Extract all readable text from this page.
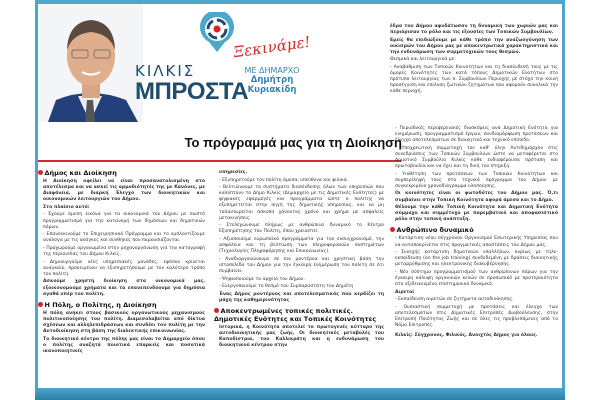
ΚΙΛΚΙΣ
ΜΠΡΟΣΤΑ
Ξεκινάμε!
ΜΕ ΔΗΜΑΡΧΟ
Δημήτρη Κυριακίδη

έδρα του Δήμου αφυδάτωσαν τη δυναμική των χωριών μας και περιόρισαν το ρόλο και τις εξουσίες των Τοπικών Συμβουλίων.

Εμείς θα επιδιώξουμε με κάθε τρόπο την αναζωογόνηση των οικισμών του Δήμου μας με αποκεντρωτικά χαρακτηριστικά και την ενδυνάμωση των συμμετοχικών τους θεσμών.

Θεσμικά και λειτουργικά με:

- Αναβάθμιση των Τοπικών Κοινοτήτων και τη διασύνδεσή τους με τις όμορες Κοινότητες των κατά τόπους Δημοτικών Ενοτήτων στο πρότυπο λειτουργίας των π. Συμβουλίων Περιοχής με στόχο την κοινή προσέγγιση και επίλυση ζωτικών ζητημάτων που αφορούν συνολικά την κάθε περιοχή.

Το πρόγραμμά μας για τη Διοίκηση
Δήμος και Διοίκηση

Η Διοίκηση οφείλει να είναι προσανατολισμένη στο αποτέλεσμα και να ασκεί τις αρμοδιότητές της με Κανόνες, με Διαφάνεια, με διαρκή Έλεγχο των διοικητικών και οικονομικών λειτουργιών του Δήμου.

Στο πλαίσιο αυτό:

- Έχουμε άμεση εικόνα για τα οικονομικά του Δήμου με σωστό προγραμματισμό για την κατανομή των δημόσιων και δημοτικών πόρων.

- Επανεκκινούμε το Επιχειρησιακό Πρόγραμμα και το εμπλουτίζουμε ανάλογα με τις ανάγκες και συνθήκες που παρουσιάζονται.

- Προχωρούμε οργανωμένα στην μηχανοργάνωση για την καταγραφή της περιουσίας του Δήμου Κιλκίς.

- Δημιουργούμε νέες υπηρεσιακές μονάδες, εφόσον κρίνεται αναγκαίο, προκειμένου να εξυπηρετήσουμε με τον καλύτερο τρόπο τον πολίτη.

Ασκούμε χρηστή διοίκηση στα οικονομικά μας, εξοικονομούμε χρήματα και τα επανεπενδύουμε για δημόσια αγαθά υπέρ του πολίτη.

Η Πόλη, ο Πολίτης, η Διοίκηση

Η πόλη ανήκει στους βασικούς οργανωτικούς μηχανισμούς πολιτικοποίησης του πολίτη. Διαμεσολαβείται από δίκτυα σχέσεων και αλληλεπιδράσεων και συνδέει τον πολίτη με την Αυτοδιοίκηση στη βάση της διαλεκτικής επικοινωνίας.

Το διοικητικό κέντρο της πόλης μας είναι το Δημαρχείο όπου ο πολίτης αναζητά ποιοτικά επαρκείς και ποσοτικά ικανοποιητικές

υπηρεσίες.

- Εξυπηρετούμε τον πολίτη άμεσα, υπεύθυνα και φιλικά.

- Βελτιώνουμε τα συστήματα διασύνδεσης όλων των υπηρεσιών που καλύπτουν το Δήμο Κιλκίς (Δημαρχείο με τις Δημοτικές Ενότητες) με ψηφιακές εφαρμογές και προγράμματα ώστε ο πολίτης να εξυπηρετείται στην πηγή της δημοτικής υπηρεσίας, και να μη ταλαιπωρείται άσκοπα χάνοντας χρόνο και χρήμα με ασφαλείς μετακινήσεις.

- Στελεχώνουμε πλήρως με ανθρώπινο δυναμικό το Κέντρο Εξυπηρέτησης του Πολίτη, όπου χρειαστεί.

- Αξιοποιούμε ευρωπαϊκά προγράμματα για τον εκσυγχρονισμό, την ασφάλεια και τη βελτίωση των πληροφοριακών συστημάτων (Τεχνολογίες Πληροφόρησης και Επικοινωνίας).

- Αναδιοργανώνουμε σε πιο μοντέρνα και χρηστική βάση την ιστοσελίδα του Δήμου για την έγκαιρη ενημέρωση του πολίτη σε ότι συμβαίνει.

- Ψηφιοποιούμε το αρχείο του Δήμου.

- Ενεργοποιούμε το θεσμό του Συμπαραστάτη του Δημότη

Ένας Δήμος μοντέρνος και αποτελεσματικός που κερδίζει τη μάχη της καθημερινότητας

Αποκεντρωμένες τοπικές πολιτικές. Δημοτικές Ενότητες και Τοπικές Κοινότητες

Ιστορικά, η Κοινότητα αποτελεί το πρωτογενές κύτταρο της αυτοδιοικητικής μας ζωής. Οι διοικητικές μεταβολές του Καποδίστρια, του Καλλικράτη και η ενδυνάμωση του διοικητικού κέντρου στην

- Περιοδικές περιφερειακές διασκέψεις ανά Δημοτική Ενότητα για ενημέρωση, προγραμματισμό έργων, συνδιαμόρφωση προτάσεων και έλεγχο αποτελεσμάτων σε διοικητικό και τεχνικό επίπεδο.

- Υποχρεωτική συμμετοχή του καθ' ύλην Αντιδημάρχου στις συνεδριάσεις των Τοπικών Συμβουλίων ώστε να μεταφέρεται στο Δημοτικό Συμβούλιο Κιλκίς κάθε ενδιαφέρουσα πρόταση και πρωτοβουλία και να έχει και τη δική του στήριξη.

- Υιοθέτηση των προτάσεων των Τοπικών Κοινοτήτων και συμπερίληψή τους στο τεχνικό πρόγραμμα του Δήμου με συγκεκριμένο χρονοδιάγραμμα υλοποίησης.

Οι κοινότητες είναι οι φωτοδότες του Δήμου μας. Ό,τι συμβαίνει στην Τοπική Κοινότητα αφορά άμεσα και το Δήμο.

Θέλουμε την κάθε Τοπική Κοινότητα και Δημοτική Ενότητα σύμμαχο και συμμέτοχο με παρεμβατικό και αποφασιστικό ρόλο στην τοπική ανάπτυξη.

Ανθρώπινο δυναμικό

- Κατάρτιση νέου σύγχρονου Οργανισμού Εσωτερικής Υπηρεσίας που να ανταποκρίνεται στις πραγματικές αποστάσεις του Δήμου μας.

- Συνεχής κατάρτιση δημοτικών υπαλλήλων, κυρίως με τηλε-εκπαίδευση (on the job training) συνδεδεμένη με δράσεις διοικητικής μεταρρύθμισης και ηλεκτρονικής διακυβέρνησης.

- Νέο σύστημα προγραμματισμού των ανθρώπινων πόρων για την έγκαιρη κάλυψη οργανικών κενών σε προσωπικό με προτεραιότητα στο εξιδεικευμένο επιστημονικό δυναμικό.

Αιρετοί

- Εκπαίδευση αιρετών σε ζητήματα αυτοδιοίκησης.

- Ουσιαστική συμμετοχή με προτάσεις και έλεγχο των αποτελεσμάτων στις Δημοτικές Επιτροπές Διαβούλευσης, στην Επιτροπή Ποιότητας Ζωής και σε όλες τις προβλεπόμενες από το Νόμο Επιτροπές.

Κιλκίς: Σύγχρονος, Φιλικός, Ανοιχτός Δήμος για όλους.
